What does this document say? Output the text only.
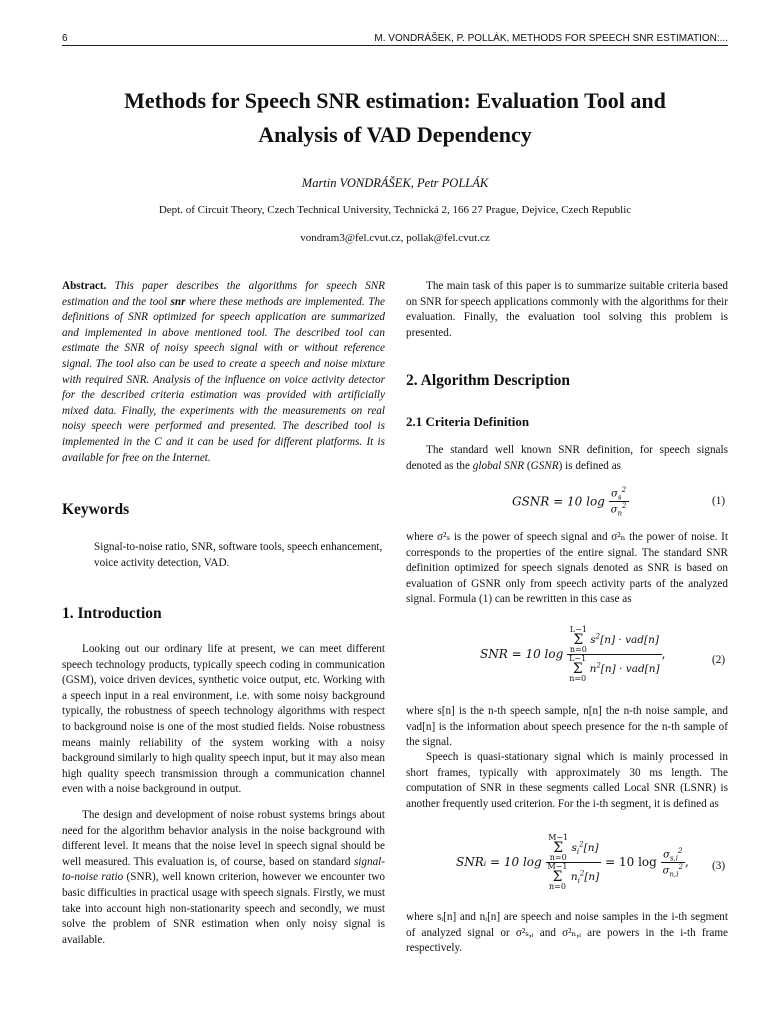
6	M. VONDRÁŠEK, P. POLLÁK, METHODS FOR SPEECH SNR ESTIMATION:...
Methods for Speech SNR estimation: Evaluation Tool and
Analysis of VAD Dependency
Martin VONDRÁŠEK, Petr POLLÁK
Dept. of Circuit Theory, Czech Technical University, Technická 2, 166 27 Prague, Dejvice, Czech Republic
vondram3@fel.cvut.cz, pollak@fel.cvut.cz

Abstract. This paper describes the algorithms for speech SNR estimation and the tool snr where these methods are implemented. The definitions of SNR optimized for speech application are summarized and implemented in above mentioned tool. The described tool can estimate the SNR of noisy speech signal with or without reference signal. The tool also can be used to create a speech and noise mixture with required SNR. Analysis of the influence on voice activity detector for the described criteria estimation was provided with artificially mixed data. Finally, the experiments with the measurements on real noisy speech were performed and presented. The described tool is implemented in the C and it can be used for different platforms. It is available for free on the Internet.

Keywords
Signal-to-noise ratio, SNR, software tools, speech enhancement, voice activity detection, VAD.
1. Introduction

Looking out our ordinary life at present, we can meet different speech technology products, typically speech coding in communication (GSM), voice driven devices, synthetic voice output, etc. Working with a speech input in a real environment, i.e. with some noisy background typically, the robustness of speech technology algorithms with respect to background noise is one of the most studied fields. Noise robustness means mainly reliability of the system working with a noisy background similarly to high quality speech input, but it may also mean high quality speech transmission through a communication channel even with a noise background in output.

The design and development of noise robust systems brings about need for the algorithm behavior analysis in the noise background with different level. It means that the noise level in speech signal should be well measured. This evaluation is, of course, based on standard signal-to-noise ratio (SNR), well known criterion, however we encounter two basic difficulties in practical usage with speech signals. Firstly, we must take into account high non-stationarity speech and secondly, we must solve the problem of SNR estimation when only noisy signal is available.

The main task of this paper is to summarize suitable criteria based on SNR for speech applications commonly with the algorithms for their evaluation. Finally, the evaluation tool solving this problem is presented.

2. Algorithm Description
2.1 Criteria Definition

The standard well known SNR definition, for speech signals denoted as the global SNR (GSNR) is defined as

GSNR = 10 $\log \frac{\sigma_s^2}{\sigma_n^2}$	(1)

where σ²ₛ is the power of speech signal and σ²ₙ the power of noise. It corresponds to the properties of the entire signal. The standard SNR definition optimized for speech signals denoted as SNR is based on evaluation of GSNR only from speech activity parts of the analyzed signal. Formula (1) can be rewritten in this case as

SNR = 10 log L−1
Σ
n=0 $s^2[n] \cdot vad[n]$
L−1
Σ
n=0 $n^2[n] \cdot vad[n]$ ,	(2)

where s[n] is the n-th speech sample, n[n] the n-th noise sample, and vad[n] is the information about speech presence for the n-th sample of the signal.

Speech is quasi-stationary signal which is mainly processed in short frames, typically with approximately 30 ms length. The computation of SNR in these segments called Local SNR (LSNR) is another frequently used criterion. For the i-th segment, it is defined as

SNRᵢ = 10 log M−1
Σ
n=0 $s_i^2[n]$
M−1
Σ
n=0 $n_i^2[n] = 10$ $\log \frac{\sigma_{s,i}^2}{\sigma_{n,i}^2}$ , (3)

where sᵢ[n] and nᵢ[n] are speech and noise samples in the i-th segment of analyzed signal or σ²ₛ,ᵢ and σ²ₙ,ᵢ are powers in the i-th frame respectively.
